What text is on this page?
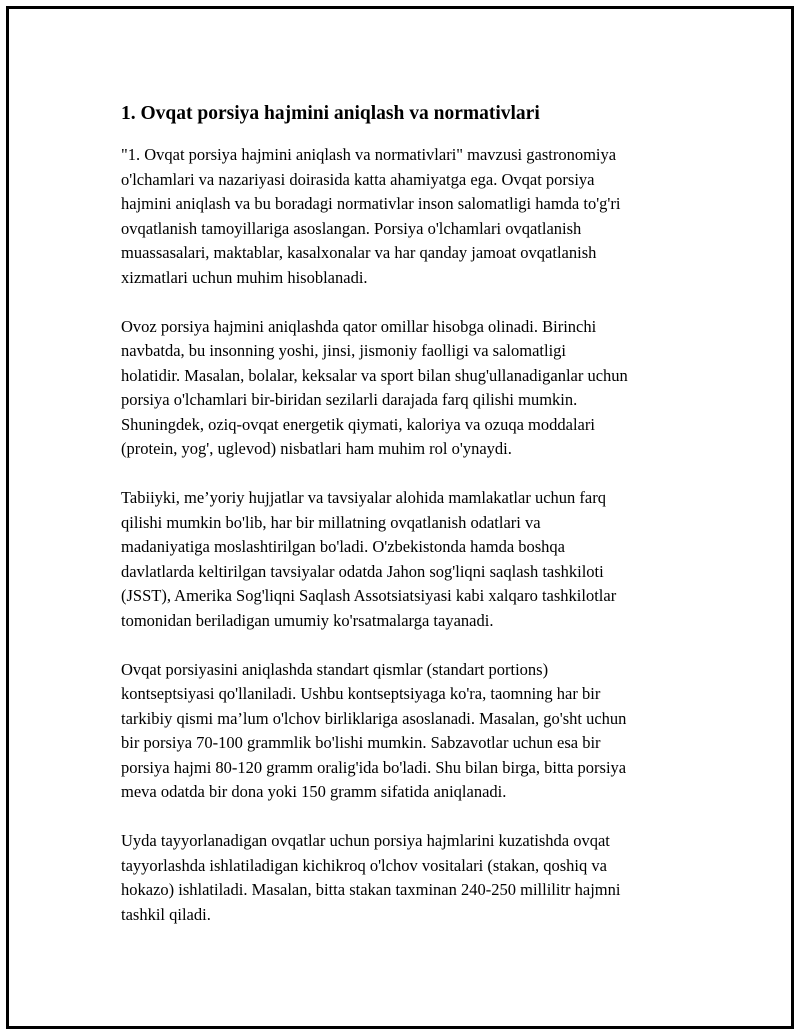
1. Ovqat porsiya hajmini aniqlash va normativlari

"1. Ovqat porsiya hajmini aniqlash va normativlari" mavzusi gastronomiya
o'lchamlari va nazariyasi doirasida katta ahamiyatga ega. Ovqat porsiya
hajmini aniqlash va bu boradagi normativlar inson salomatligi hamda to'g'ri
ovqatlanish tamoyillariga asoslangan. Porsiya o'lchamlari ovqatlanish
muassasalari, maktablar, kasalxonalar va har qanday jamoat ovqatlanish
xizmatlari uchun muhim hisoblanadi.

Ovoz porsiya hajmini aniqlashda qator omillar hisobga olinadi. Birinchi
navbatda, bu insonning yoshi, jinsi, jismoniy faolligi va salomatligi
holatidir. Masalan, bolalar, keksalar va sport bilan shug'ullanadiganlar uchun
porsiya o'lchamlari bir-biridan sezilarli darajada farq qilishi mumkin.
Shuningdek, oziq-ovqat energetik qiymati, kaloriya va ozuqa moddalari
(protein, yog', uglevod) nisbatlari ham muhim rol o'ynaydi.

Tabiiyki, me’yoriy hujjatlar va tavsiyalar alohida mamlakatlar uchun farq
qilishi mumkin bo'lib, har bir millatning ovqatlanish odatlari va
madaniyatiga moslashtirilgan bo'ladi. O'zbekistonda hamda boshqa
davlatlarda keltirilgan tavsiyalar odatda Jahon sog'liqni saqlash tashkiloti
(JSST), Amerika Sog'liqni Saqlash Assotsiatsiyasi kabi xalqaro tashkilotlar
tomonidan beriladigan umumiy ko'rsatmalarga tayanadi.

Ovqat porsiyasini aniqlashda standart qismlar (standart portions)
kontseptsiyasi qo'llaniladi. Ushbu kontseptsiyaga ko'ra, taomning har bir
tarkibiy qismi ma’lum o'lchov birliklariga asoslanadi. Masalan, go'sht uchun
bir porsiya 70-100 grammlik bo'lishi mumkin. Sabzavotlar uchun esa bir
porsiya hajmi 80-120 gramm oralig'ida bo'ladi. Shu bilan birga, bitta porsiya
meva odatda bir dona yoki 150 gramm sifatida aniqlanadi.

Uyda tayyorlanadigan ovqatlar uchun porsiya hajmlarini kuzatishda ovqat
tayyorlashda ishlatiladigan kichikroq o'lchov vositalari (stakan, qoshiq va
hokazo) ishlatiladi. Masalan, bitta stakan taxminan 240-250 millilitr hajmni
tashkil qiladi.
